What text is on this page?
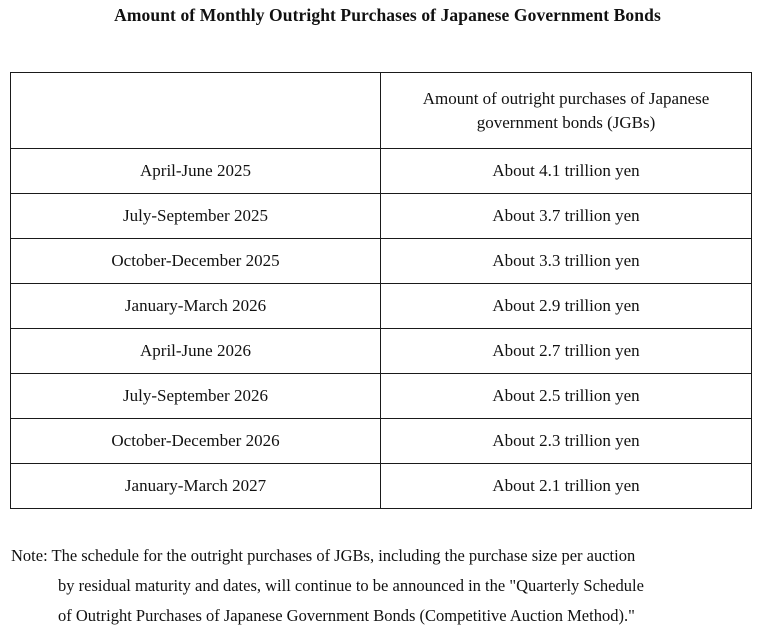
Amount of Monthly Outright Purchases of Japanese Government Bonds

	Amount of outright purchases of Japanese
government bonds (JGBs)

April-June 2025	About 4.1 trillion yen
July-September 2025	About 3.7 trillion yen
October-December 2025	About 3.3 trillion yen
January-March 2026	About 2.9 trillion yen
April-June 2026	About 2.7 trillion yen
July-September 2026	About 2.5 trillion yen
October-December 2026	About 2.3 trillion yen
January-March 2027	About 2.1 trillion yen
Note: The schedule for the outright purchases of JGBs, including the purchase size per auction
by residual maturity and dates, will continue to be announced in the "Quarterly Schedule
of Outright Purchases of Japanese Government Bonds (Competitive Auction Method)."
